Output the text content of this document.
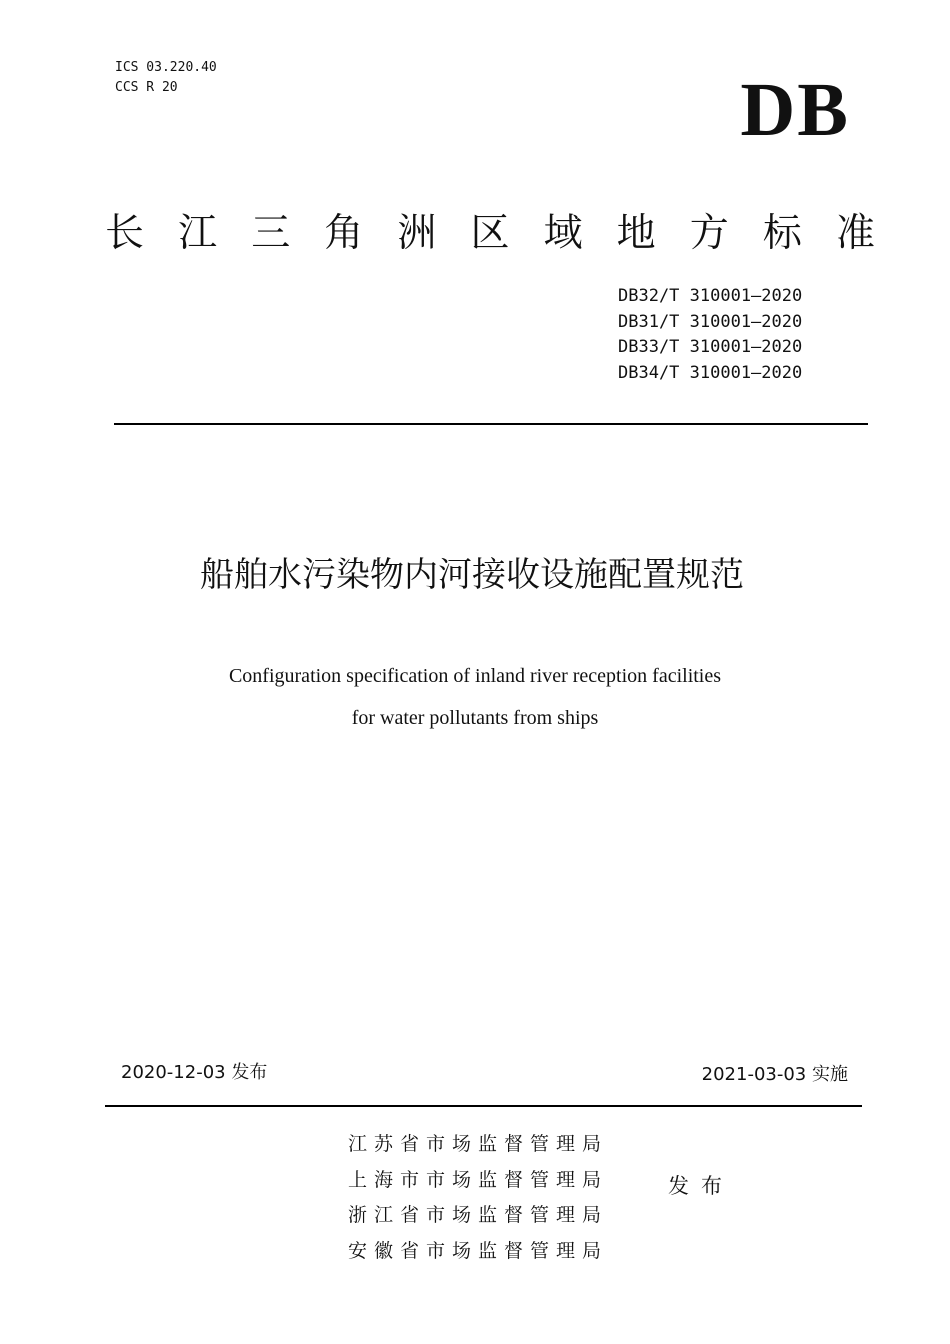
ICS 03.220.40
CCS R 20	DB
长 江 三 角 洲 区 域 地 方 标 准
DB32/T 310001—2020
DB31/T 310001—2020
DB33/T 310001—2020
DB34/T 310001—2020
船舶水污染物内河接收设施配置规范
Configuration specification of inland river reception facilities
for water pollutants from ships
2020-12-03 发布	2021-03-03 实施
江苏省市场监督管理局
上海市市场监督管理局
浙江省市场监督管理局
安徽省市场监督管理局
发布
